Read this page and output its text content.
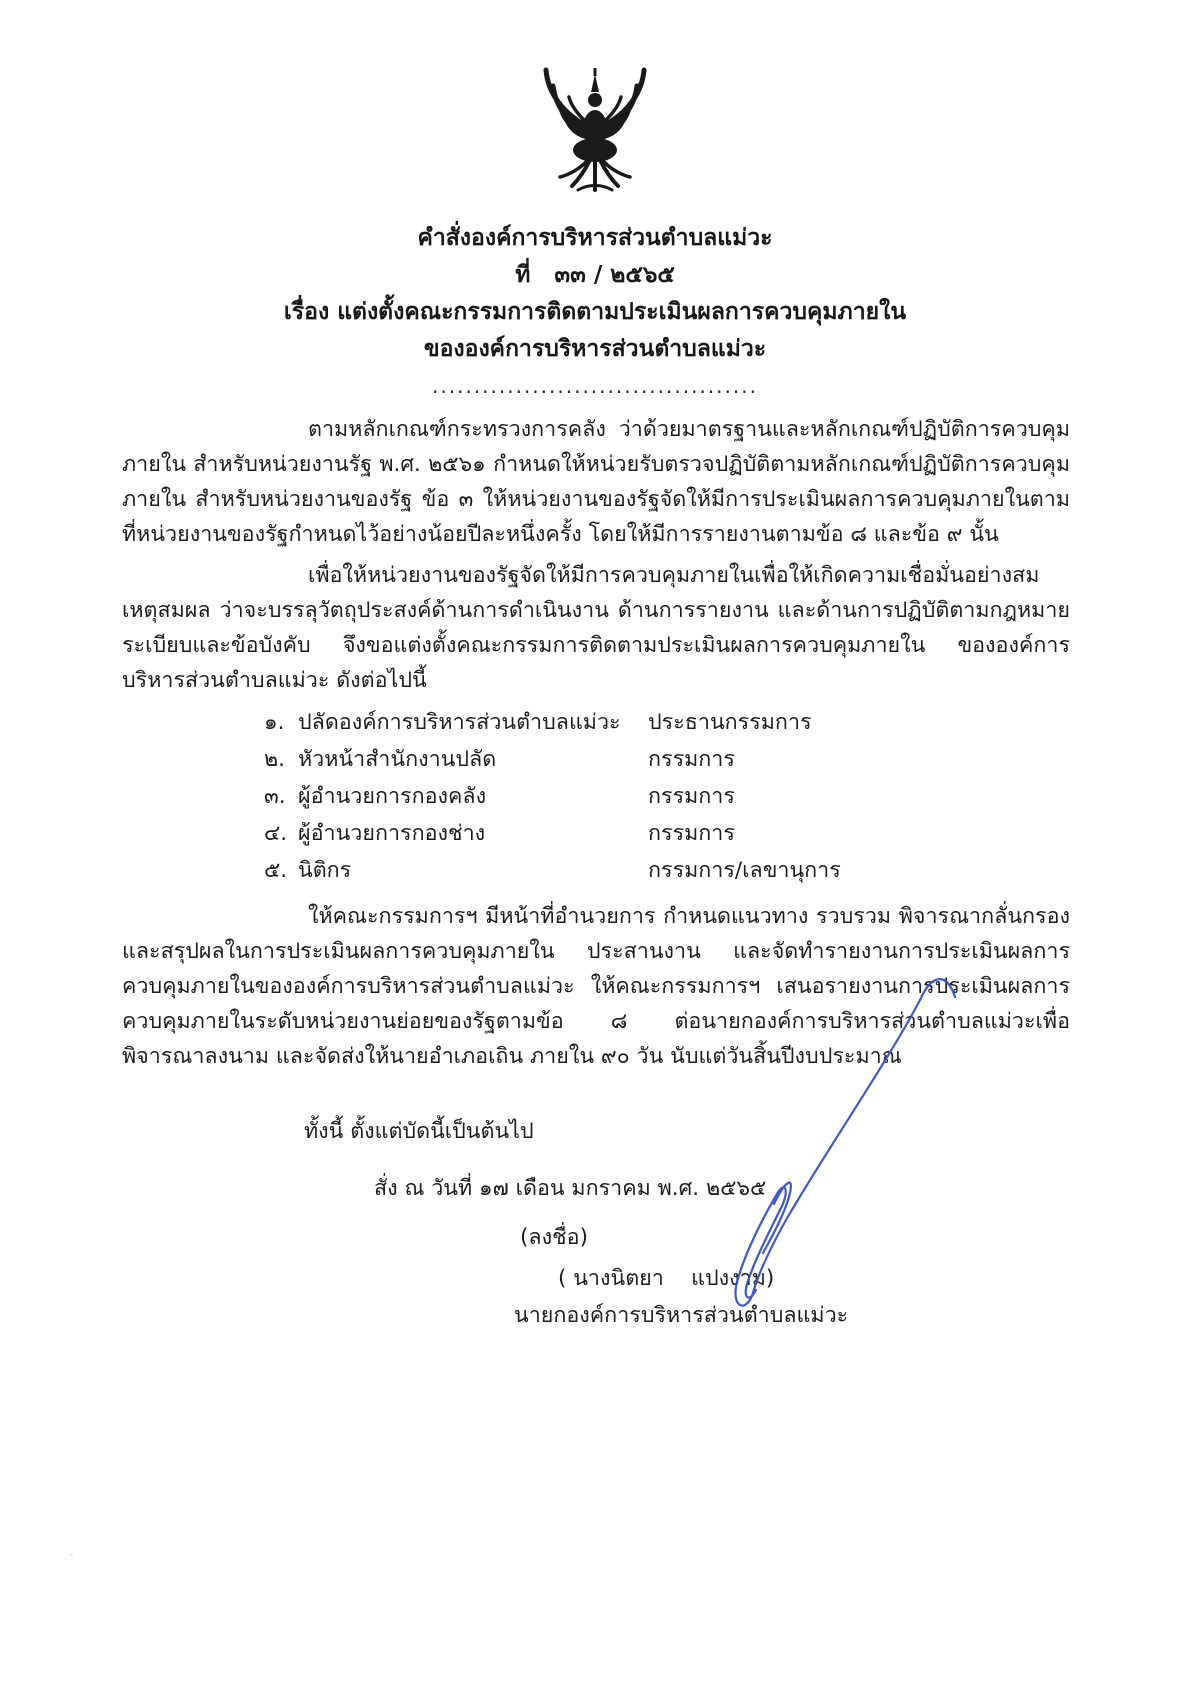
คำสั่งองค์การบริหารส่วนตำบลแม่วะ
ที่   ๓๓ / ๒๕๖๕
เรื่อง แต่งตั้งคณะกรรมการติดตามประเมินผลการควบคุมภายใน
ขององค์การบริหารส่วนตำบลแม่วะ
.......................................

ตามหลักเกณฑ์กระทรวงการคลัง ว่าด้วยมาตรฐานและหลักเกณฑ์ปฏิบัติการควบคุมภายใน สำหรับหน่วยงานรัฐ พ.ศ. ๒๕๖๑ กำหนดให้หน่วยรับตรวจปฏิบัติตามหลักเกณฑ์ปฏิบัติการควบคุมภายใน สำหรับหน่วยงานของรัฐ ข้อ ๓ ให้หน่วยงานของรัฐจัดให้มีการประเมินผลการควบคุมภายในตามที่หน่วยงานของรัฐกำหนดไว้อย่างน้อยปีละหนึ่งครั้ง โดยให้มีการรายงานตามข้อ ๘ และข้อ ๙ นั้น

เพื่อให้หน่วยงานของรัฐจัดให้มีการควบคุมภายในเพื่อให้เกิดความเชื่อมั่นอย่างสมเหตุสมผล ว่าจะบรรลุวัตถุประสงค์ด้านการดำเนินงาน ด้านการรายงาน และด้านการปฏิบัติตามกฎหมาย ระเบียบและข้อบังคับ จึงขอแต่งตั้งคณะกรรมการติดตามประเมินผลการควบคุมภายใน ขององค์การบริหารส่วนตำบลแม่วะ ดังต่อไปนี้

๑. ปลัดองค์การบริหารส่วนตำบลแม่วะ	ประธานกรรมการ
๒. หัวหน้าสำนักงานปลัด	กรรมการ
๓. ผู้อำนวยการกองคลัง	กรรมการ
๔. ผู้อำนวยการกองช่าง	กรรมการ
๕. นิติกร	กรรมการ/เลขานุการ

ให้คณะกรรมการฯ มีหน้าที่อำนวยการ กำหนดแนวทาง รวบรวม พิจารณากลั่นกรอง และสรุปผลในการประเมินผลการควบคุมภายใน ประสานงาน และจัดทำรายงานการประเมินผลการควบคุมภายในขององค์การบริหารส่วนตำบลแม่วะ ให้คณะกรรมการฯ เสนอรายงานการประเมินผลการควบคุมภายในระดับหน่วยงานย่อยของรัฐตามข้อ ๘ ต่อนายกองค์การบริหารส่วนตำบลแม่วะเพื่อพิจารณาลงนาม และจัดส่งให้นายอำเภอเถิน ภายใน ๙๐ วัน นับแต่วันสิ้นปีงบประมาณ

ทั้งนี้ ตั้งแต่บัดนี้เป็นต้นไป

สั่ง ณ วันที่ ๑๗ เดือน มกราคม พ.ศ. ๒๕๖๕

(ลงชื่อ)
( นางนิตยา    แปงงาม)
นายกองค์การบริหารส่วนตำบลแม่วะ
·
